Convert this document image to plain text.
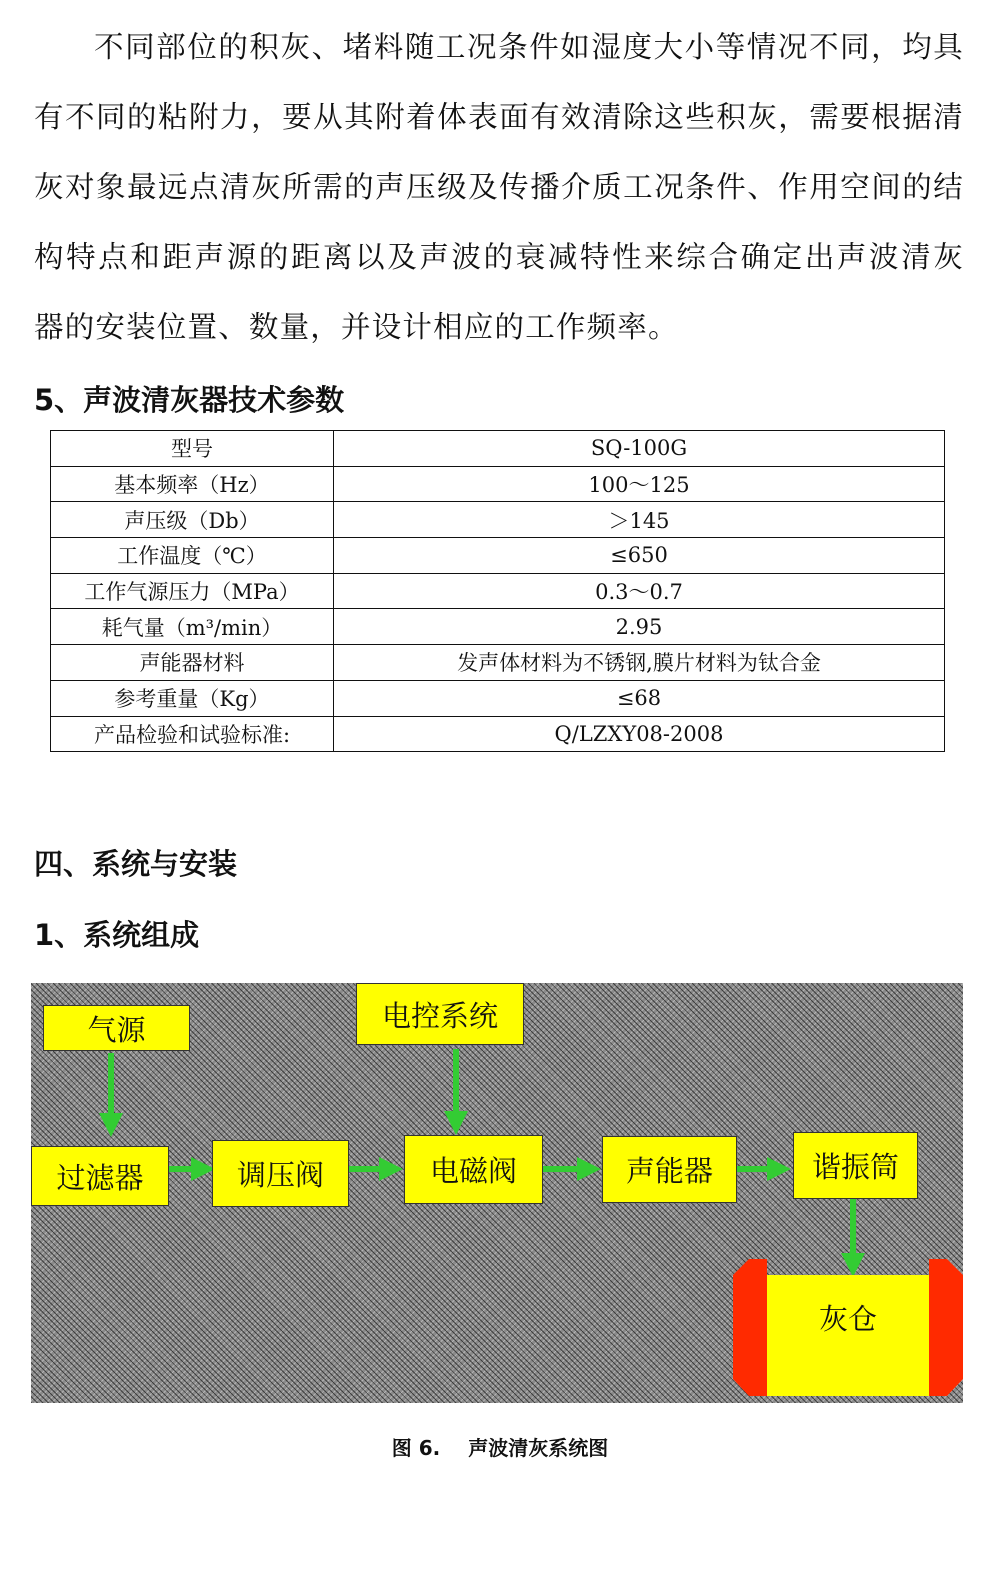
不同部位的积灰、堵料随工况条件如湿度大小等情况不同，均具

有不同的粘附力，要从其附着体表面有效清除这些积灰，需要根据清

灰对象最远点清灰所需的声压级及传播介质工况条件、作用空间的结

构特点和距声源的距离以及声波的衰减特性来综合确定出声波清灰

器的安装位置、数量，并设计相应的工作频率。

5、声波清灰器技术参数
型号	SQ-100G
基本频率（Hz）	100～125
声压级（Db）	＞145
工作温度（℃）	≤650
工作气源压力（MPa）	0.3～0.7
耗气量（m³/min）	2.95
声能器材料	发声体材料为不锈钢,膜片材料为钛合金
参考重量（Kg）	≤68
产品检验和试验标准:	Q/LZXY08-2008
四、系统与安装
1、系统组成
气源	电控系统
过滤器	调压阀	电磁阀	声能器	谐振筒
灰仓
图 6. 声波清灰系统图
